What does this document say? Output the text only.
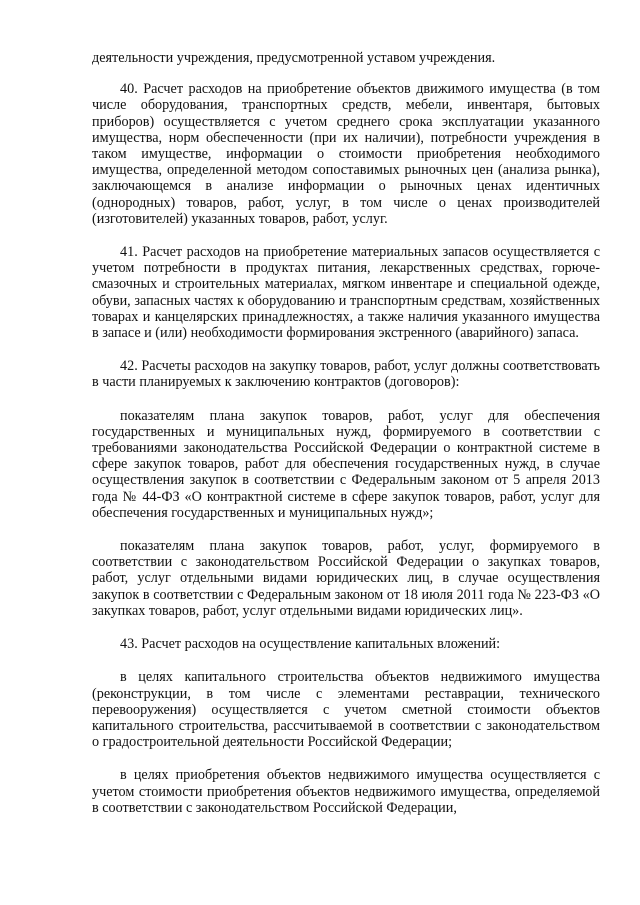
деятельности учреждения, предусмотренной уставом учреждения.

40. Расчет расходов на приобретение объектов движимого имущества (в том числе оборудования, транспортных средств, мебели, инвентаря, бытовых приборов) осуществляется с учетом среднего срока эксплуатации указанного имущества, норм обеспеченности (при их наличии), потребности учреждения в таком имуществе, информации о стоимости приобретения необходимого имущества, определенной методом сопоставимых рыночных цен (анализа рынка), заключающемся в анализе информации о рыночных ценах идентичных (однородных) товаров, работ, услуг, в том числе о ценах производителей (изготовителей) указанных товаров, работ, услуг.

41. Расчет расходов на приобретение материальных запасов осуществляется с учетом потребности в продуктах питания, лекарственных средствах, горюче-смазочных и строительных материалах, мягком инвентаре и специальной одежде, обуви, запасных частях к оборудованию и транспортным средствам, хозяйственных товарах и канцелярских принадлежностях, а также наличия указанного имущества в запасе и (или) необходимости формирования экстренного (аварийного) запаса.

42. Расчеты расходов на закупку товаров, работ, услуг должны соответствовать в части планируемых к заключению контрактов (договоров):

показателям плана закупок товаров, работ, услуг для обеспечения государственных и муниципальных нужд, формируемого в соответствии с требованиями законодательства Российской Федерации о контрактной системе в сфере закупок товаров, работ для обеспечения государственных нужд, в случае осуществления закупок в соответствии с Федеральным законом от 5 апреля 2013 года № 44-ФЗ «О контрактной системе в сфере закупок товаров, работ, услуг для обеспечения государственных и муниципальных нужд»;

показателям плана закупок товаров, работ, услуг, формируемого в соответствии с законодательством Российской Федерации о закупках товаров, работ, услуг отдельными видами юридических лиц, в случае осуществления закупок в соответствии с Федеральным законом от 18 июля 2011 года № 223-ФЗ «О закупках товаров, работ, услуг отдельными видами юридических лиц».

43. Расчет расходов на осуществление капитальных вложений:

в целях капитального строительства объектов недвижимого имущества (реконструкции, в том числе с элементами реставрации, технического перевооружения) осуществляется с учетом сметной стоимости объектов капитального строительства, рассчитываемой в соответствии с законодательством о градостроительной деятельности Российской Федерации;

в целях приобретения объектов недвижимого имущества осуществляется с учетом стоимости приобретения объектов недвижимого имущества, определяемой в соответствии с законодательством Российской Федерации,
